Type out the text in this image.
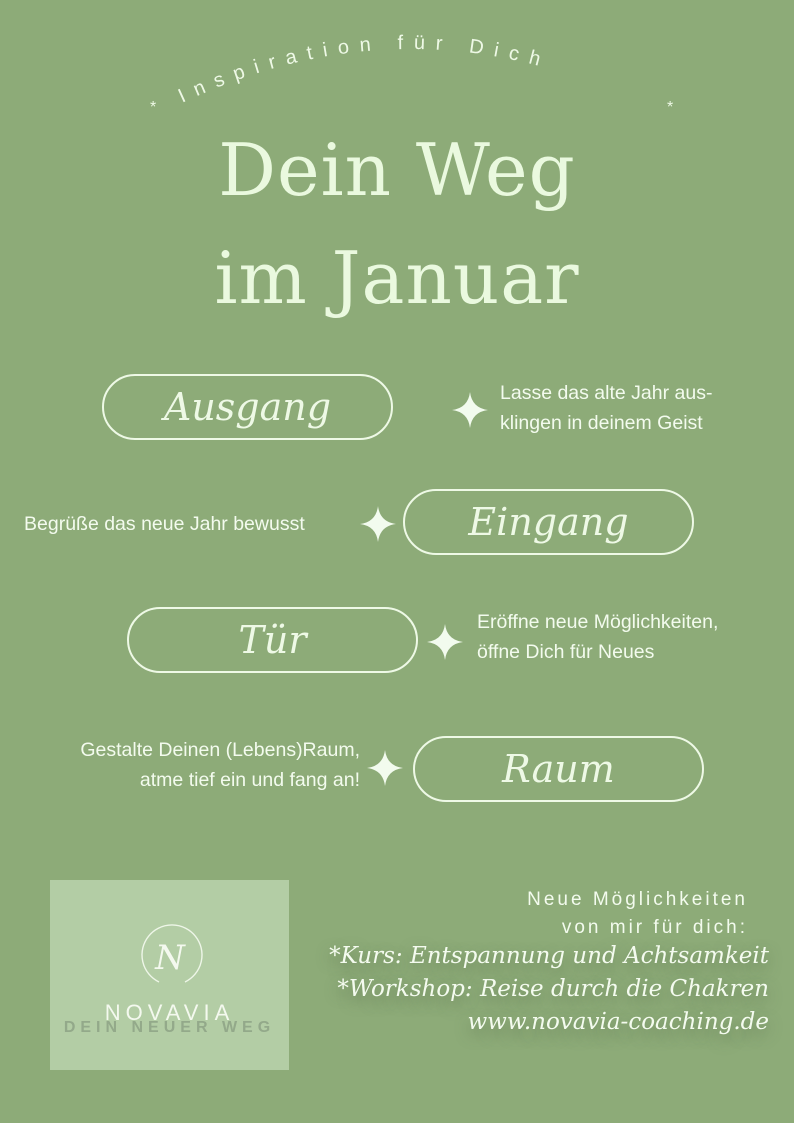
Inspiration für Dich
*	*
Dein Weg
im Januar
Ausgang	Lasse das alte Jahr aus-
klingen in deinem Geist
Begrüße das neue Jahr bewusst	Eingang
Tür	Eröffne neue Möglichkeiten,
öffne Dich für Neues
Gestalte Deinen (Lebens)Raum,
atme tief ein und fang an!	Raum
N
DEIN NEUER WEG
NOVAVIA
Neue Möglichkeiten
von mir für dich:
*Kurs: Entspannung und Achtsamkeit
*Workshop: Reise durch die Chakren
www.novavia-coaching.de
